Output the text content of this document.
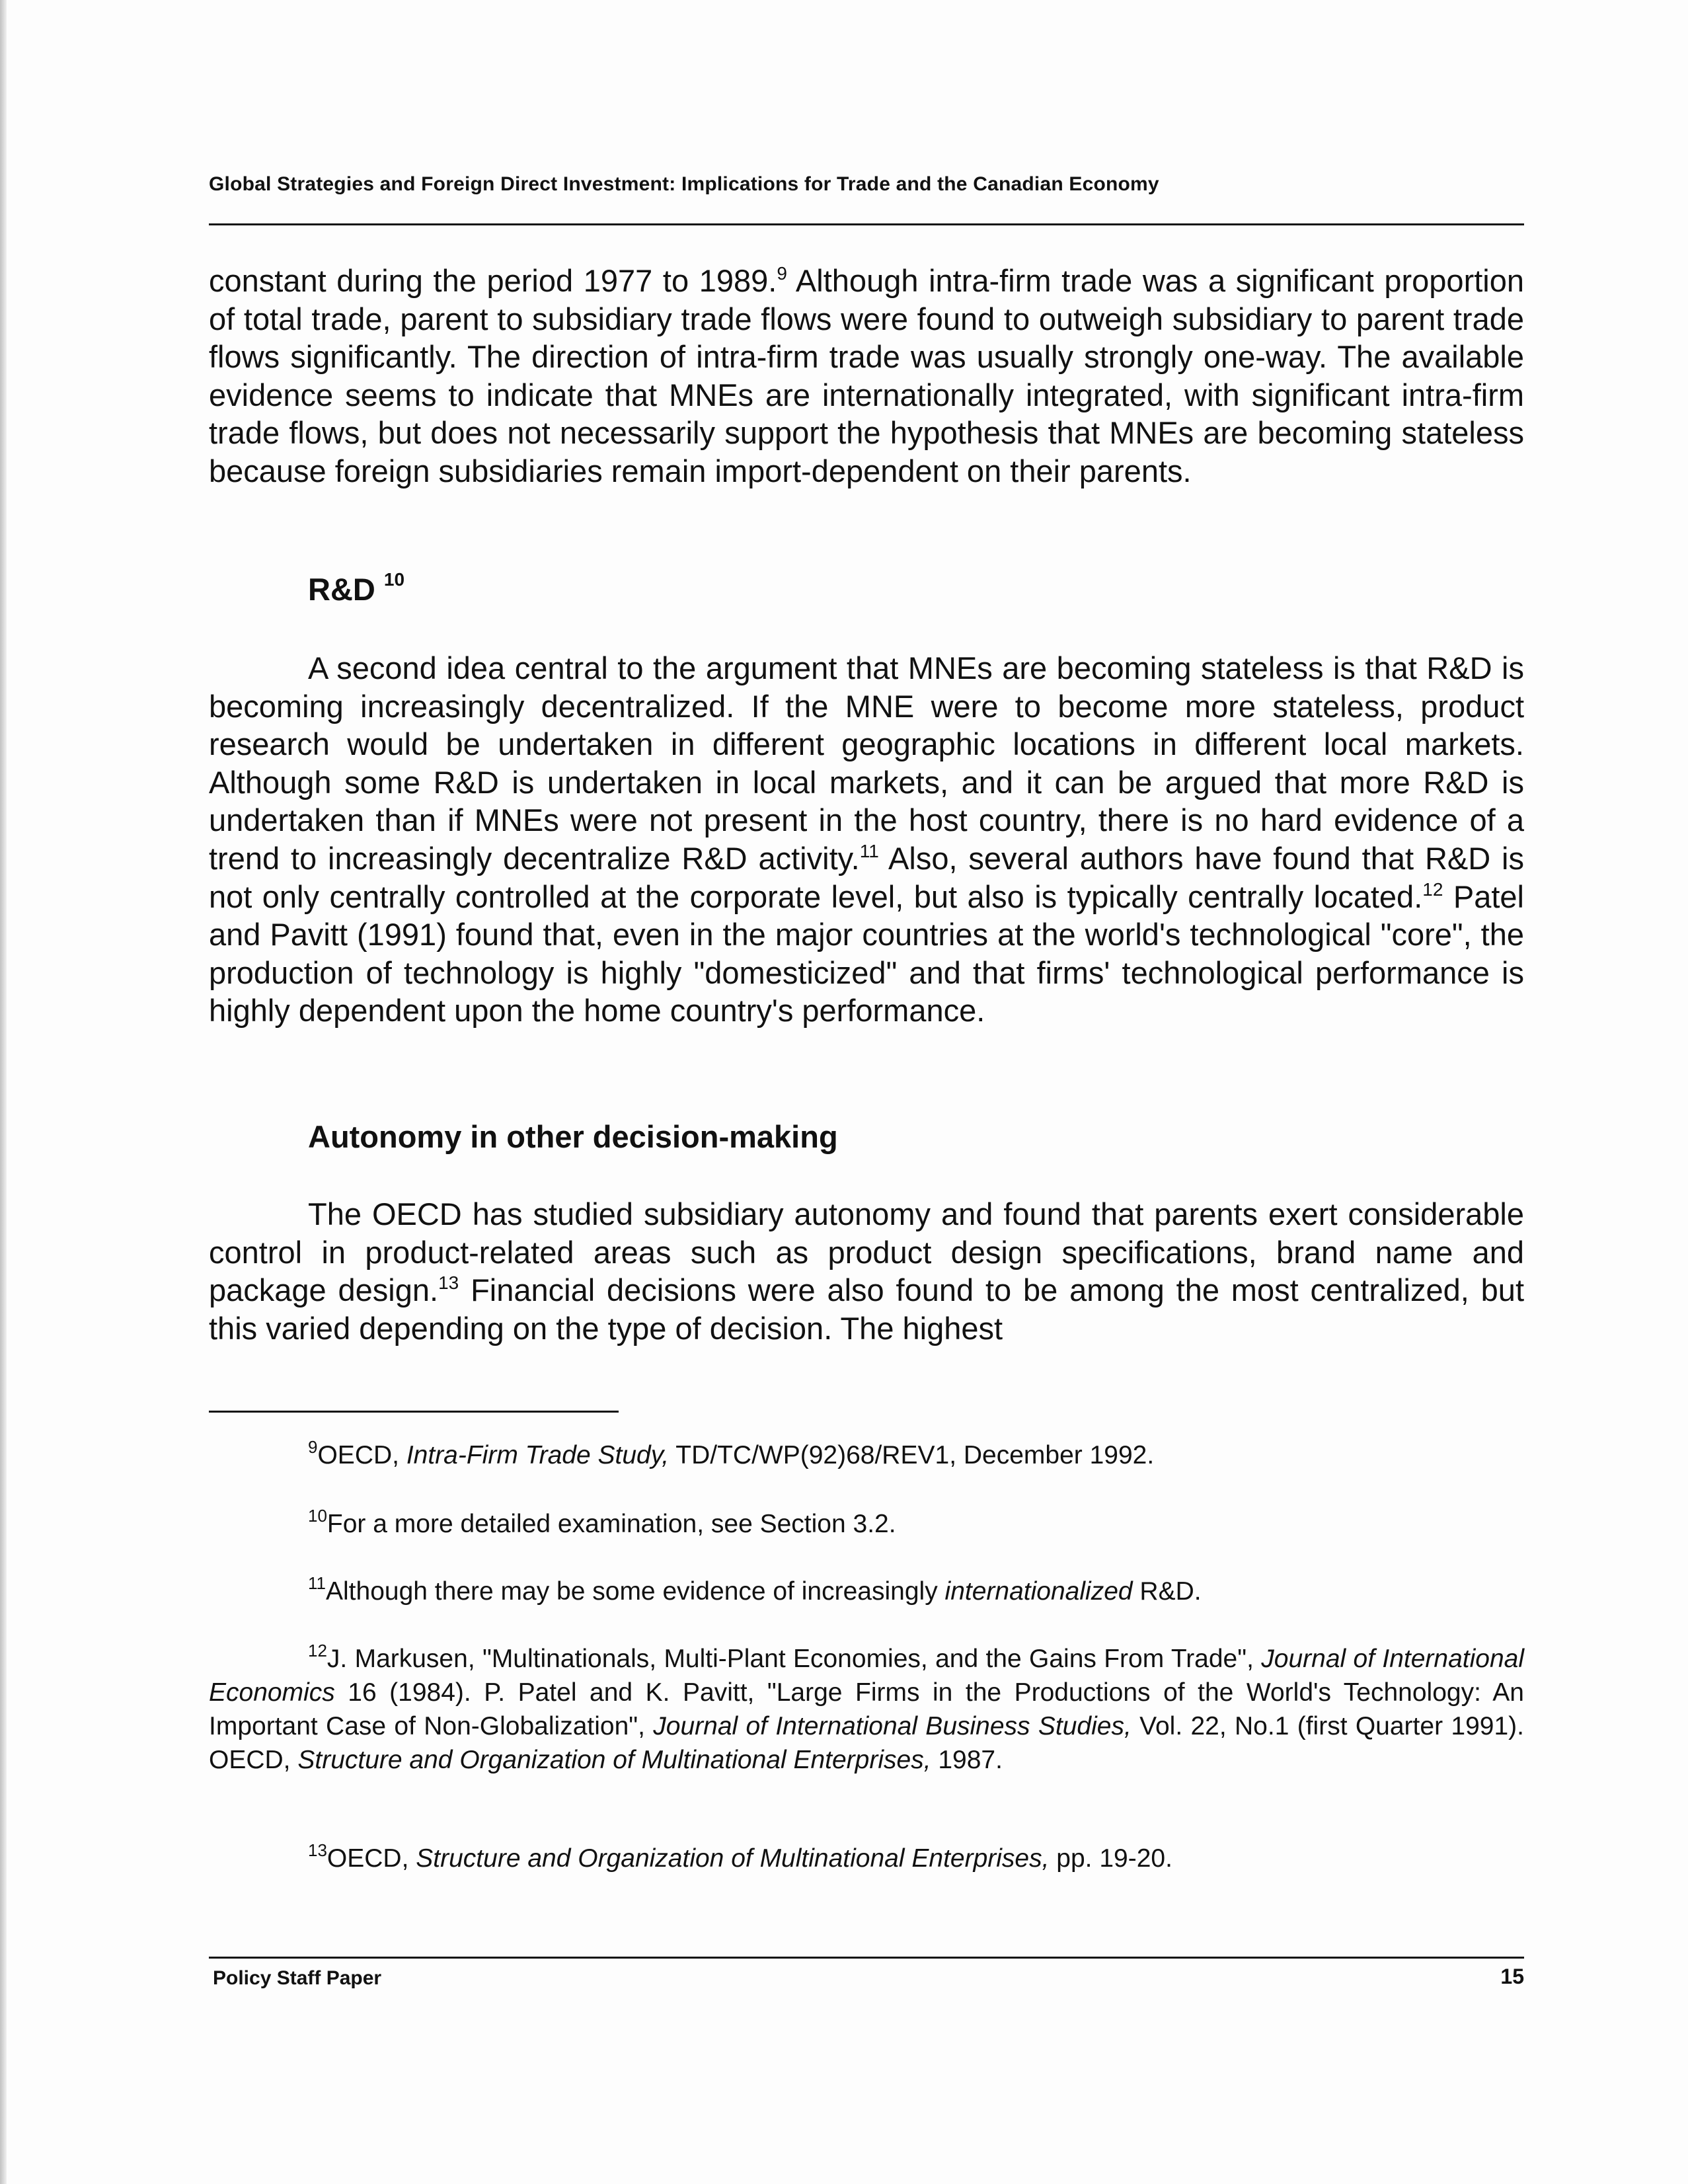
Global Strategies and Foreign Direct Investment: Implications for Trade and the Canadian Economy

constant during the period 1977 to 1989.$^9$ Although intra-firm trade was a significant proportion of total trade, parent to subsidiary trade flows were found to outweigh subsidiary to parent trade flows significantly. The direction of intra-firm trade was usually strongly one-way. The available evidence seems to indicate that MNEs are internationally integrated, with significant intra-firm trade flows, but does not necessarily support the hypothesis that MNEs are becoming stateless because foreign subsidiaries remain import-dependent on their parents.

R&D $^{10}$

A second idea central to the argument that MNEs are becoming stateless is that R&D is becoming increasingly decentralized. If the MNE were to become more stateless, product research would be undertaken in different geographic locations in different local markets. Although some R&D is undertaken in local markets, and it can be argued that more R&D is undertaken than if MNEs were not present in the host country, there is no hard evidence of a trend to increasingly decentralize R&D activity.$^{11}$ Also, several authors have found that R&D is not only centrally controlled at the corporate level, but also is typically centrally located.$^{12}$ Patel and Pavitt (1991) found that, even in the major countries at the world's technological "core", the production of technology is highly "domesticized" and that firms' technological performance is highly dependent upon the home country's performance.

Autonomy in other decision-making

The OECD has studied subsidiary autonomy and found that parents exert considerable control in product-related areas such as product design specifications, brand name and package design.$^{13}$ Financial decisions were also found to be among the most centralized, but this varied depending on the type of decision. The highest

$^9$OECD, Intra-Firm Trade Study, TD/TC/WP(92)68/REV1, December 1992.

$^{10}$For a more detailed examination, see Section 3.2.

$^{11}$Although there may be some evidence of increasingly internationalized R&D.

$^{12}$J. Markusen, "Multinationals, Multi-Plant Economies, and the Gains From Trade", Journal of International Economics 16 (1984). P. Patel and K. Pavitt, "Large Firms in the Productions of the World's Technology: An Important Case of Non-Globalization", Journal of International Business Studies, Vol. 22, No.1 (first Quarter 1991). OECD, Structure and Organization of Multinational Enterprises, 1987.

$^{13}$OECD, Structure and Organization of Multinational Enterprises, pp. 19-20.

Policy Staff Paper	15
